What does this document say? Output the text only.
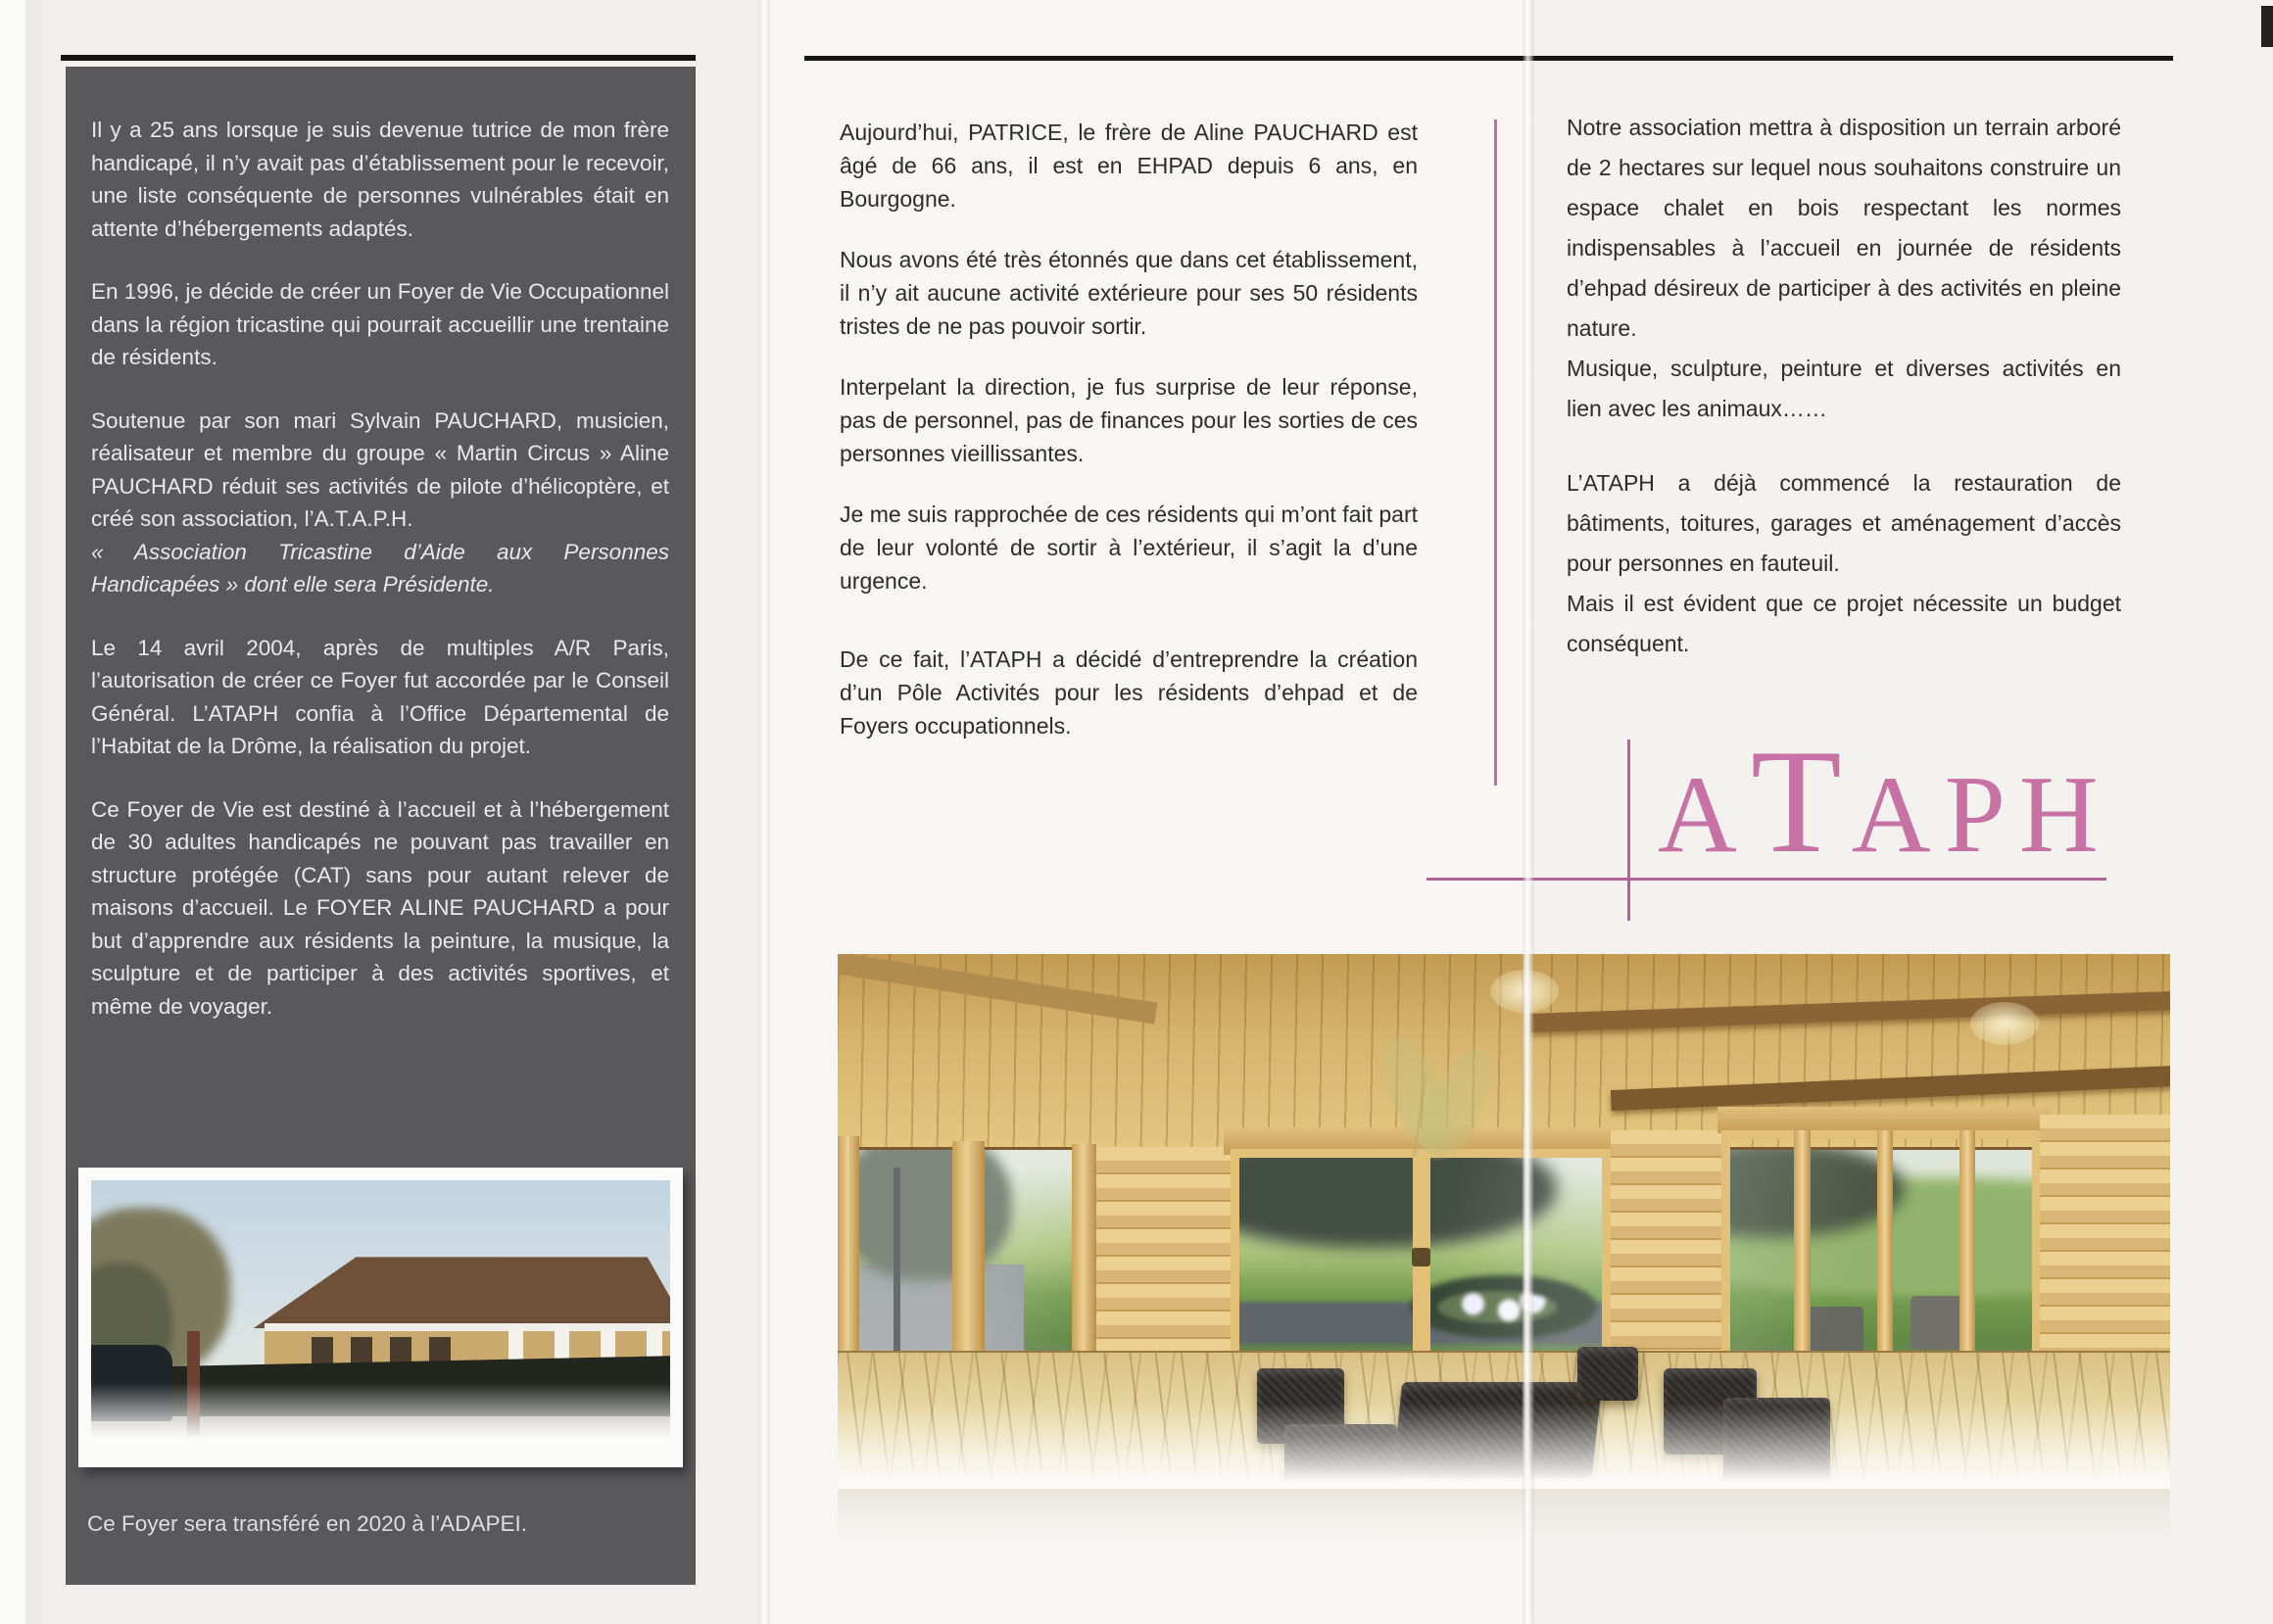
Il y a 25 ans lorsque je suis devenue tutrice de mon frère handicapé, il n’y avait pas d’établissement pour le recevoir, une liste conséquente de personnes vulnérables était en attente d’hébergements adaptés.

En 1996, je décide de créer un Foyer de Vie Occupationnel dans la région tricastine qui pourrait accueillir une trentaine de résidents.

Soutenue par son mari Sylvain PAUCHARD, musicien, réalisateur et membre du groupe « Martin Circus » Aline PAUCHARD réduit ses activités de pilote d’hélicoptère, et créé son association, l’A.T.A.P.H.

« Association Tricastine d’Aide aux Personnes Handicapées » dont elle sera Présidente.

Le 14 avril 2004, après de multiples A/R Paris, l’autorisation de créer ce Foyer fut accordée par le Conseil Général. L’ATAPH confia à l’Office Départemental de l’Habitat de la Drôme, la réalisation du projet.

Ce Foyer de Vie est destiné à l’accueil et à l’hébergement de 30 adultes handicapés ne pouvant pas travailler en structure protégée (CAT) sans pour autant relever de maisons d’accueil. Le FOYER ALINE PAUCHARD a pour but d’apprendre aux résidents la peinture, la musique, la sculpture et de participer à des activités sportives, et même de voyager.

Ce Foyer sera transféré en 2020 à l’ADAPEI.

Aujourd’hui, PATRICE, le frère de Aline PAUCHARD est âgé de 66 ans, il est en EHPAD depuis 6 ans, en Bourgogne.

Nous avons été très étonnés que dans cet établissement, il n’y ait aucune activité extérieure pour ses 50 résidents tristes de ne pas pouvoir sortir.

Interpelant la direction, je fus surprise de leur réponse, pas de personnel, pas de finances pour les sorties de ces personnes vieillissantes.

Je me suis rapprochée de ces résidents qui m’ont fait part de leur volonté de sortir à l’extérieur, il s’agit la d’une urgence.

De ce fait, l’ATAPH a décidé d’entreprendre la création d’un Pôle Activités pour les résidents d’ehpad et de Foyers occupationnels.

Notre association mettra à disposition un terrain arboré de 2 hectares sur lequel nous souhaitons construire un espace chalet en bois respectant les normes indispensables à l’accueil en journée de résidents d’ehpad désireux de participer à des activités en pleine nature.

Musique, sculpture, peinture et diverses activités en lien avec les animaux……

L’ATAPH a déjà commencé la restauration de bâtiments, toitures, garages et aménagement d’accès pour personnes en fauteuil.

Mais il est évident que ce projet nécessite un budget conséquent.

ATAPH
